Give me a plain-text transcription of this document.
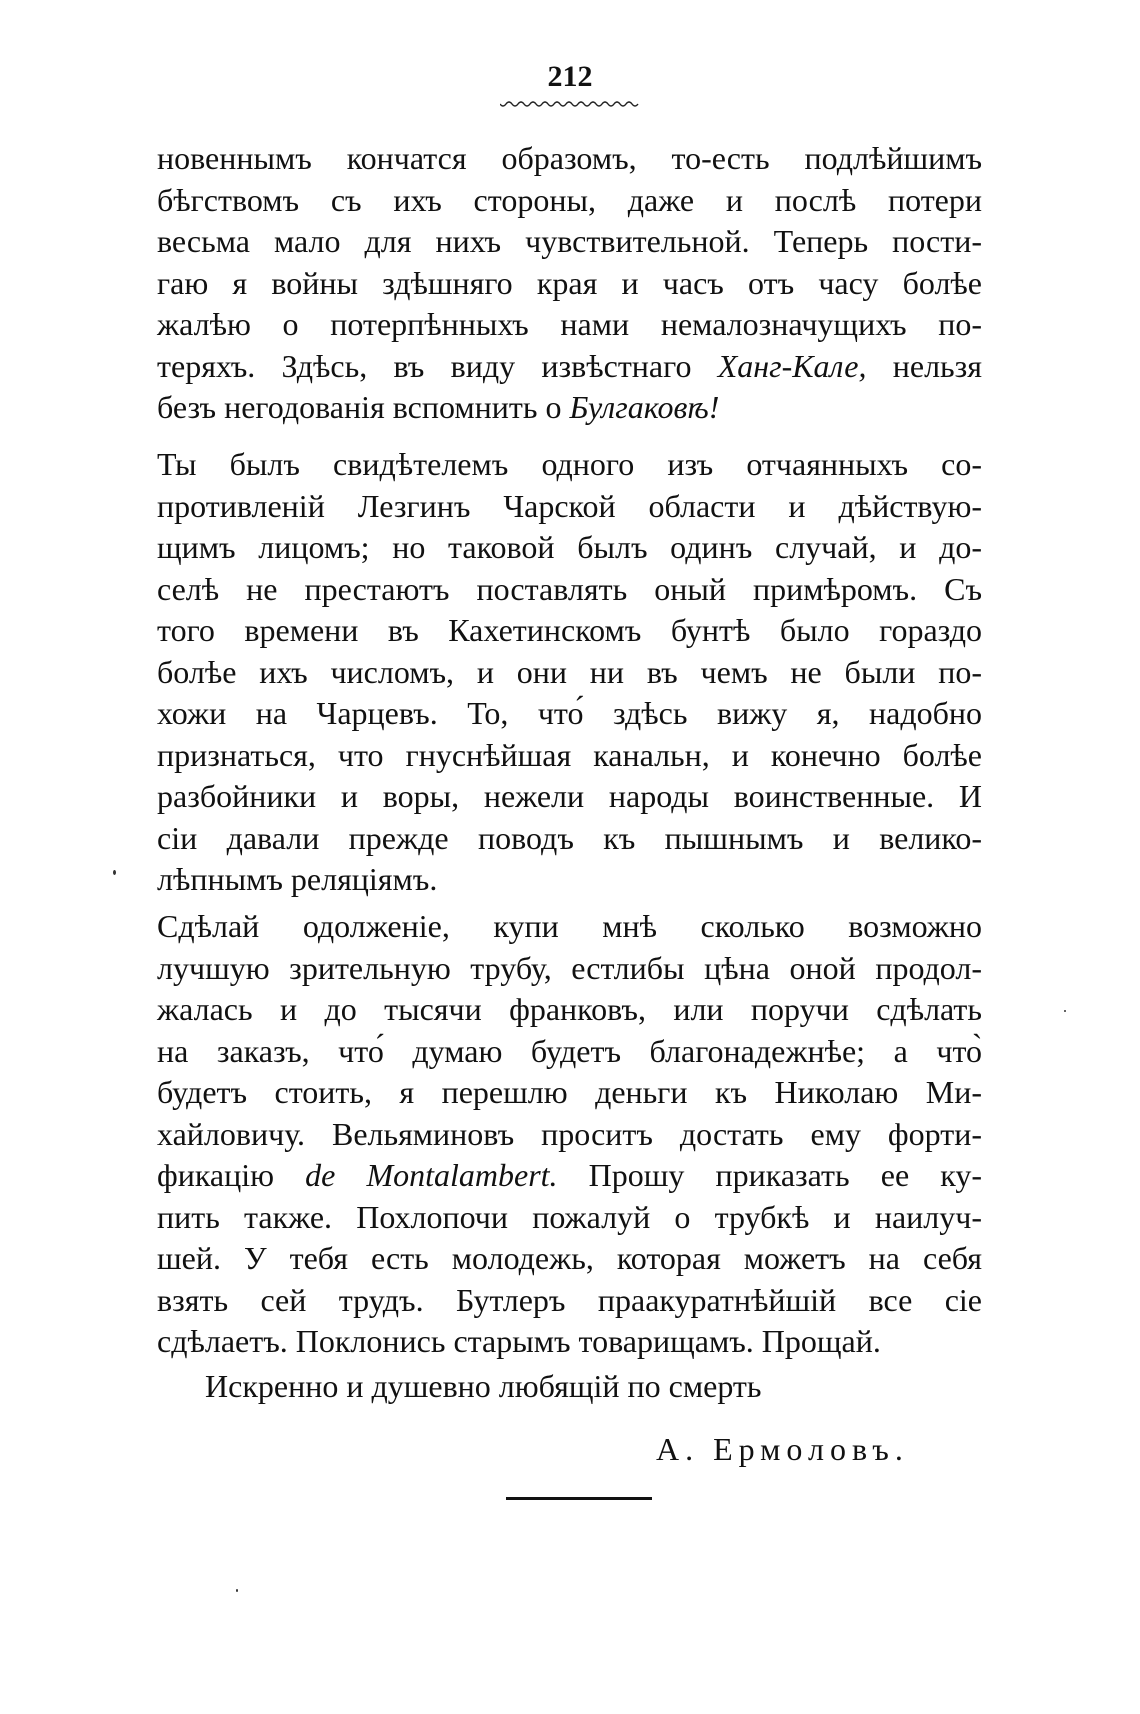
212
новеннымъ кончатся образомъ, то-есть подлѣйшимъ
бѣгствомъ съ ихъ стороны, даже и послѣ потери
весьма мало для нихъ чувствительной. Теперь пости-
гаю я войны здѣшняго края и часъ отъ часу болѣе
жалѣю о потерпѣнныхъ нами немалозначущихъ по-
теряхъ. Здѣсь, въ виду извѣстнаго Ханг-Кале, нельзя
безъ негодованія вспомнить о Булгаковѣ!
Ты былъ свидѣтелемъ одного изъ отчаянныхъ со-
противленій Лезгинъ Чарской области и дѣйствую-
щимъ лицомъ; но таковой былъ одинъ случай, и до-
селѣ не престаютъ поставлять оный примѣромъ. Съ
того времени въ Кахетинскомъ бунтѣ было гораздо
болѣе ихъ числомъ, и они ни въ чемъ не были по-
хожи на Чарцевъ. То, что́ здѣсь вижу я, надобно
признаться, что гнуснѣйшая канальн, и конечно болѣе
разбойники и воры, нежели народы воинственные. И
сіи давали прежде поводъ къ пышнымъ и велико-
лѣпнымъ реляціямъ.
Сдѣлай одолженіе, купи мнѣ сколько возможно
лучшую зрительную трубу, естлибы цѣна оной продол-
жалась и до тысячи франковъ, или поручи сдѣлать
на заказъ, что́ думаю будетъ благонадежнѣе; а что̀
будетъ стоить, я перешлю деньги къ Николаю Ми-
хайловичу. Вельяминовъ проситъ достать ему форти-
фикацію de Montalambert. Прошу приказать ее ку-
пить также. Похлопочи пожалуй о трубкѣ и наилуч-
шей. У тебя есть молодежь, которая можетъ на себя
взять сей трудъ. Бутлеръ праакуратнѣйшій все сіе
сдѣлаетъ. Поклонись старымъ товарищамъ. Прощай.
Искренно и душевно любящій по смерть
А. Ермоловъ.
